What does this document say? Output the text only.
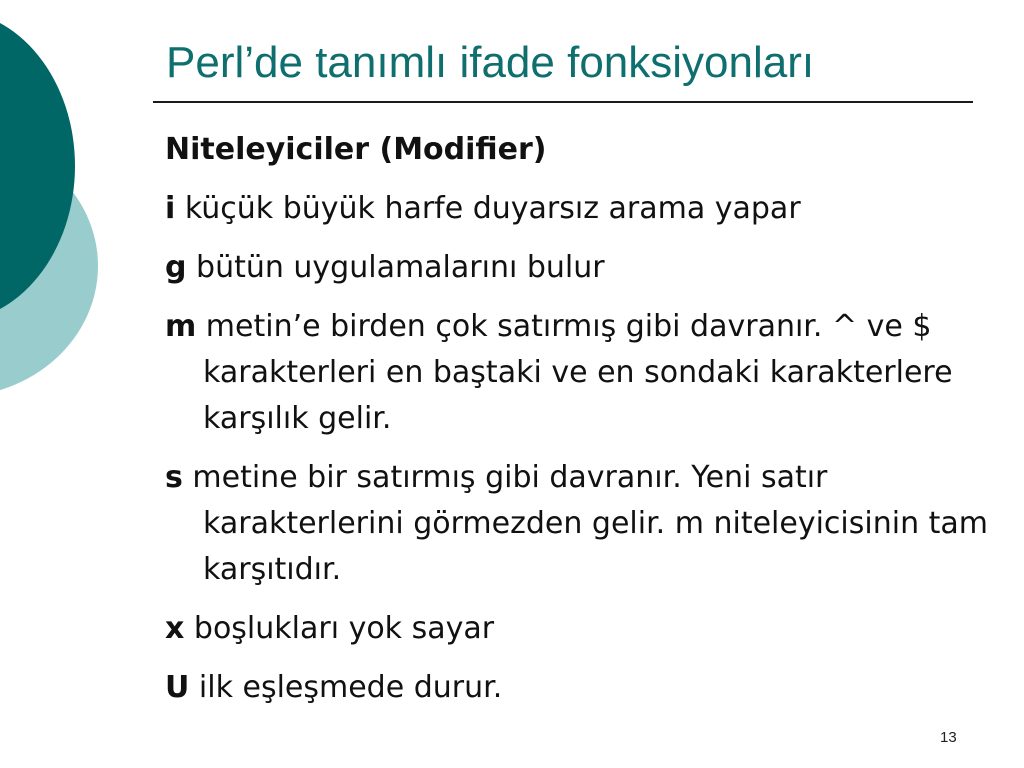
Perl’de tanımlı ifade fonksiyonları
Niteleyiciler (Modifier)
i küçük büyük harfe duyarsız arama yapar
g bütün uygulamalarını bulur
m metin’e birden çok satırmış gibi davranır. ^ ve $ karakterleri en baştaki ve en sondaki karakterlere karşılık gelir.
s metine bir satırmış gibi davranır. Yeni satır karakterlerini görmezden gelir. m niteleyicisinin tam karşıtıdır.
x boşlukları yok sayar
U ilk eşleşmede durur.
13
